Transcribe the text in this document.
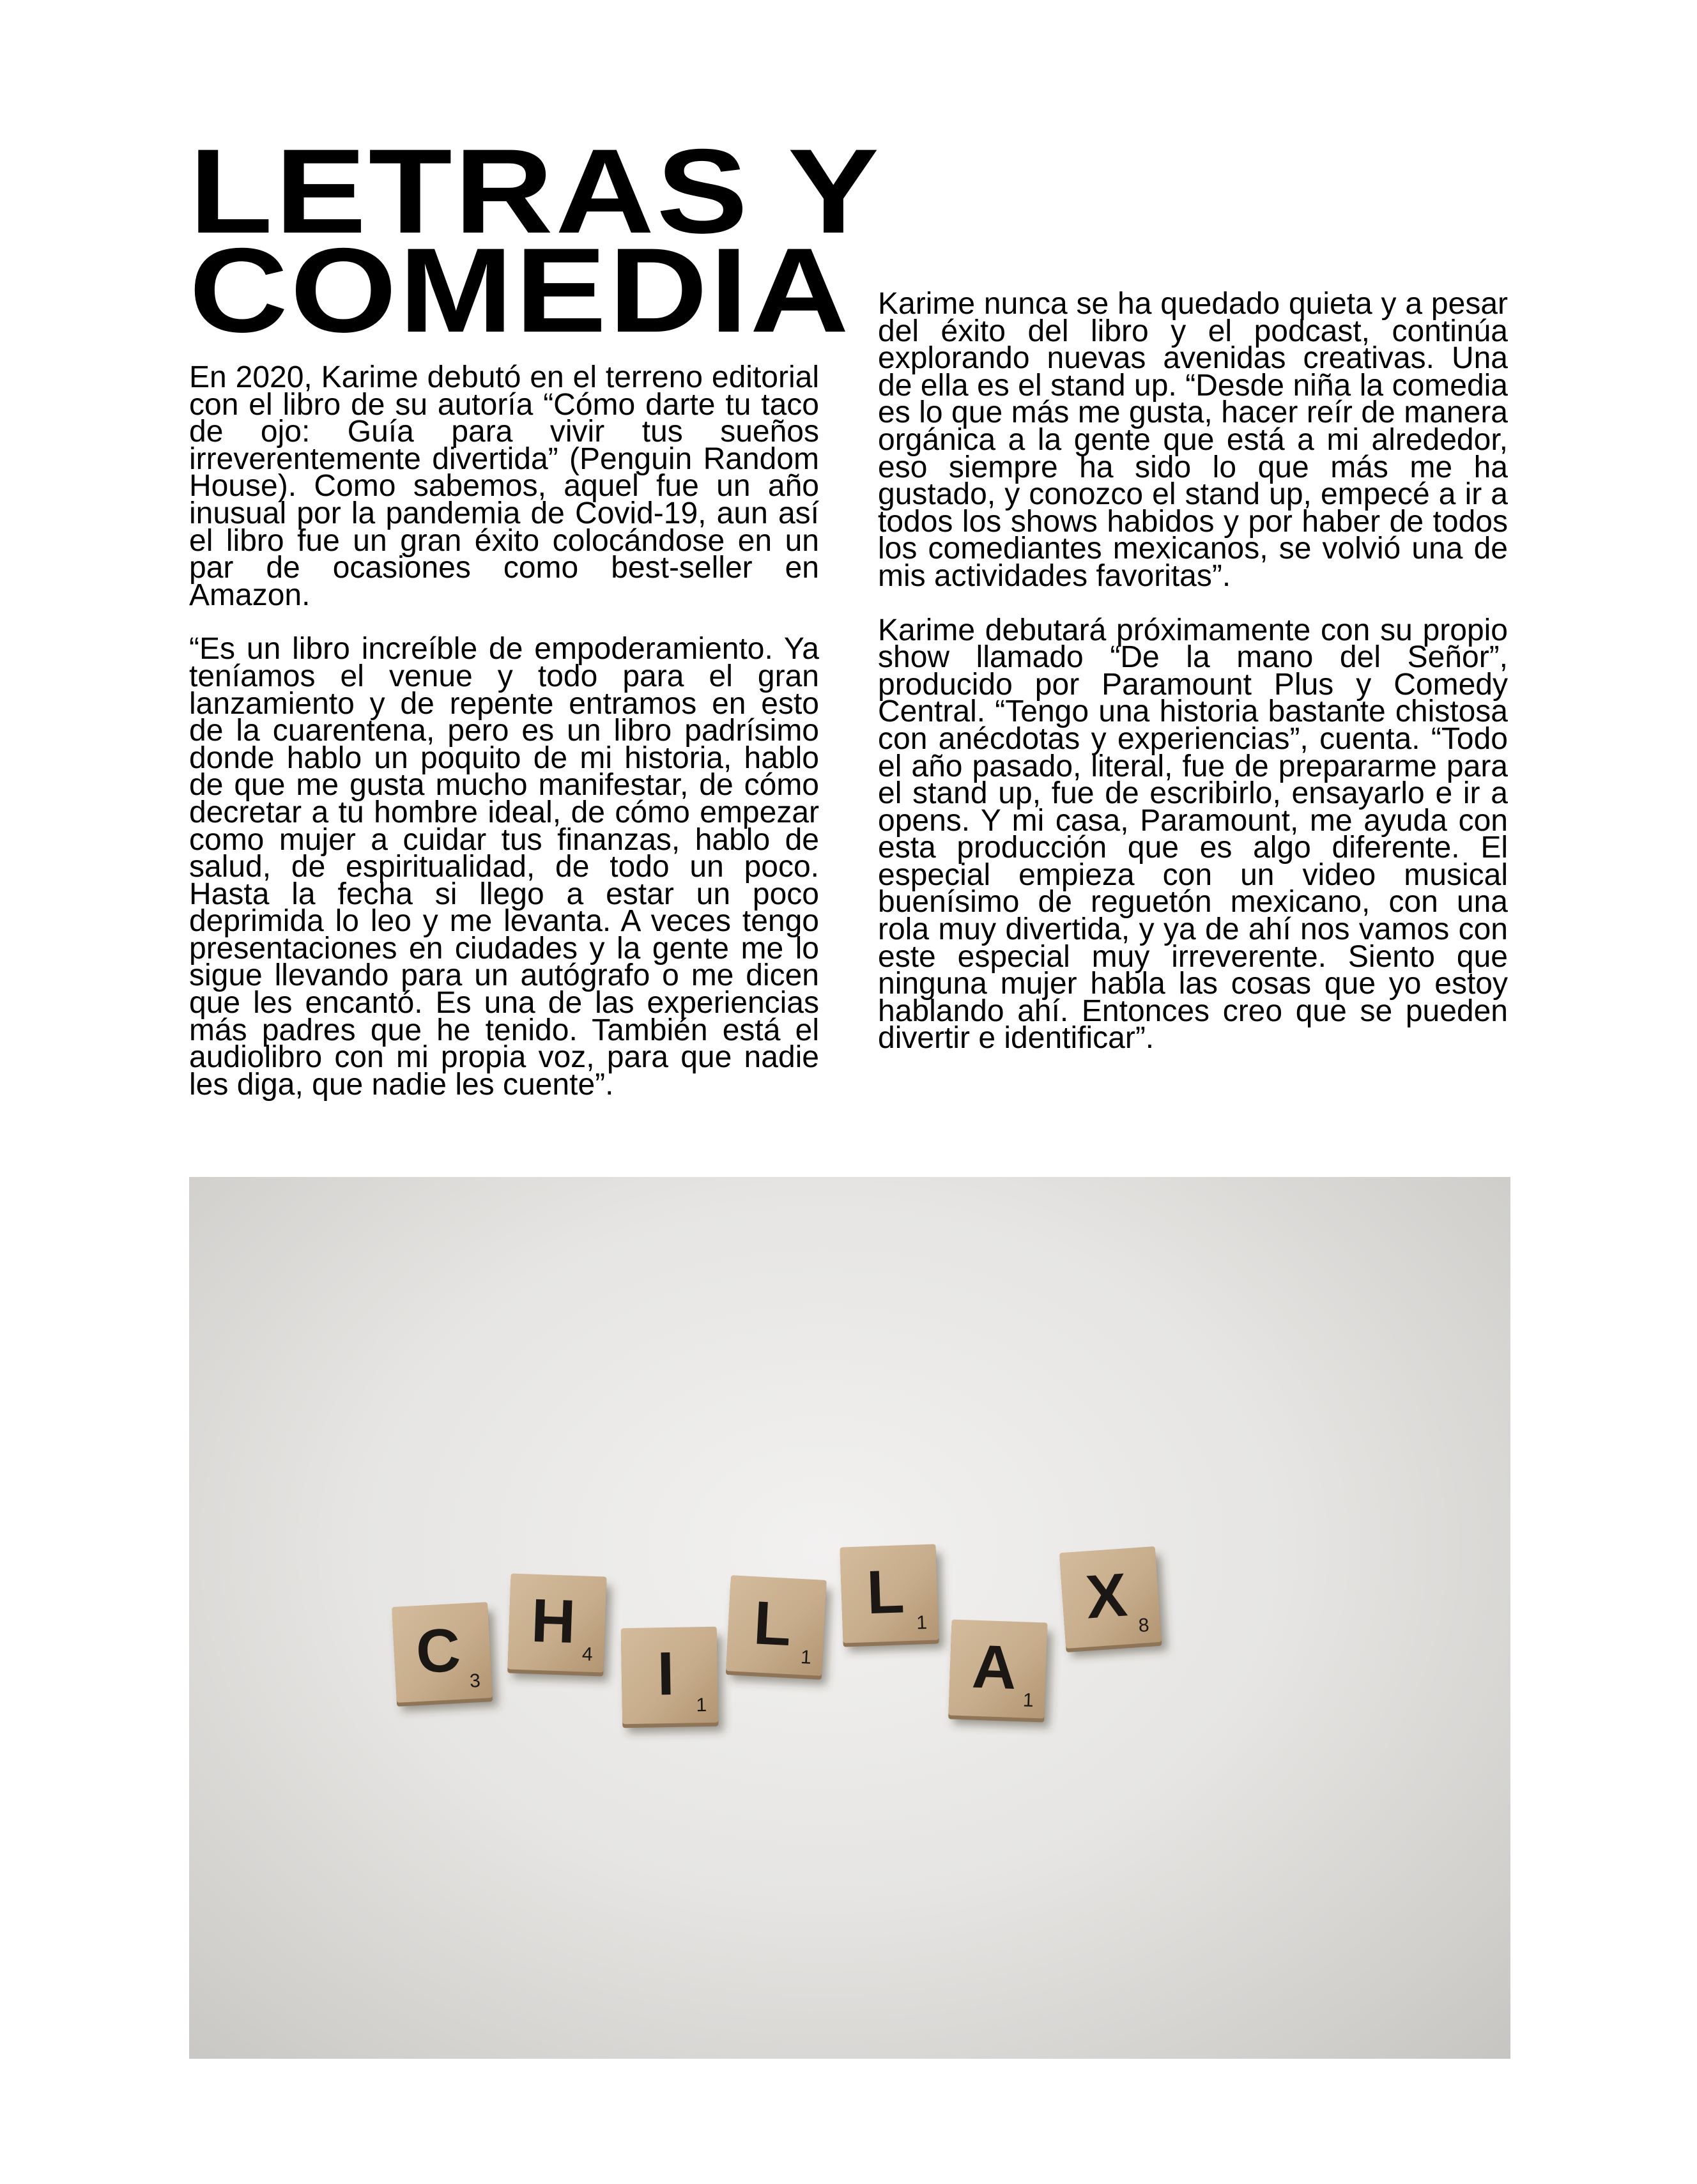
LETRAS Y
COMEDIA

En 2020, Karime debutó en el terreno editorial con el libro de su autoría “Cómo darte tu taco de ojo: Guía para vivir tus sueños irreverentemente divertida” (Penguin Random House). Como sabemos, aquel fue un año inusual por la pandemia de Covid-19, aun así el libro fue un gran éxito colocándose en un par de ocasiones como best-seller en Amazon.

“Es un libro increíble de empoderamiento. Ya teníamos el venue y todo para el gran lanzamiento y de repente entramos en esto de la cuarentena, pero es un libro padrísimo donde hablo un poquito de mi historia, hablo de que me gusta mucho manifestar, de cómo decretar a tu hombre ideal, de cómo empezar como mujer a cuidar tus finanzas, hablo de salud, de espiritualidad, de todo un poco. Hasta la fecha si llego a estar un poco deprimida lo leo y me levanta. A veces tengo presentaciones en ciudades y la gente me lo sigue llevando para un autógrafo o me dicen que les encantó. Es una de las experiencias más padres que he tenido. También está el audiolibro con mi propia voz, para que nadie les diga, que nadie les cuente”.

Karime nunca se ha quedado quieta y a pesar del éxito del libro y el podcast, continúa explorando nuevas avenidas creativas. Una de ella es el stand up. “Desde niña la comedia es lo que más me gusta, hacer reír de manera orgánica a la gente que está a mi alrededor, eso siempre ha sido lo que más me ha gustado, y conozco el stand up, empecé a ir a todos los shows habidos y por haber de todos los comediantes mexicanos, se volvió una de mis actividades favoritas”.

Karime debutará próximamente con su propio show llamado “De la mano del Señor”, producido por Paramount Plus y Comedy Central. “Tengo una historia bastante chistosa con anécdotas y experiencias”, cuenta. “Todo el año pasado, literal, fue de prepararme para el stand up, fue de escribirlo, ensayarlo e ir a opens. Y mi casa, Paramount, me ayuda con esta producción que es algo diferente. El especial empieza con un video musical buenísimo de reguetón mexicano, con una rola muy divertida, y ya de ahí nos vamos con este especial muy irreverente. Siento que ninguna mujer habla las cosas que yo estoy hablando ahí. Entonces creo que se pueden divertir e identificar”.

C 3
H 4 I 1
L 1
L 1
A 1
X 8
